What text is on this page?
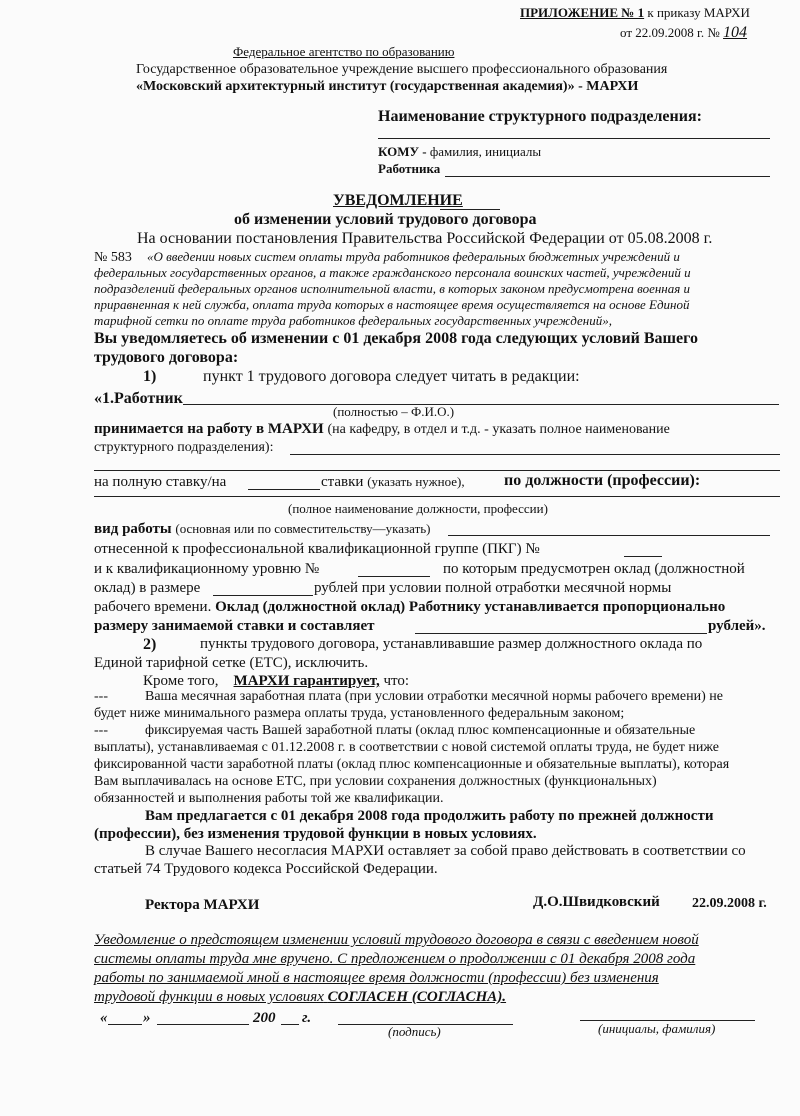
ПРИЛОЖЕНИЕ № 1 к приказу МАРХИ
от 22.09.2008 г. № 104
Федеральное агентство по образованию
Государственное образовательное учреждение высшего профессионального образования
«Московский архитектурный институт (государственная академия)» - МАРХИ
Наименование структурного подразделения:
КОМУ - фамилия, инициалы
Работника
УВЕДОМЛЕНИЕ
об изменении условий трудового договора
На основании постановления Правительства Российской Федерации от 05.08.2008 г.
№ 583 «О введении новых систем оплаты труда работников федеральных бюджетных учреждений и
федеральных государственных органов, а также гражданского персонала воинских частей, учреждений и
подразделений федеральных органов исполнительной власти, в которых законом предусмотрена военная и
приравненная к ней служба, оплата труда которых в настоящее время осуществляется на основе Единой
тарифной сетки по оплате труда работников федеральных государственных учреждений»,
Вы уведомляетесь об изменении с 01 декабря 2008 года следующих условий Вашего
трудового договора:
1)	пункт 1 трудового договора следует читать в редакции:
«1.Работник
(полностью – Ф.И.О.)
принимается на работу в МАРХИ (на кафедру, в отдел и т.д. - указать полное наименование
структурного подразделения):
на полную ставку/на	ставки (указать нужное), по должности (профессии):
(полное наименование должности, профессии)
вид работы (основная или по совместительству—указать)
отнесенной к профессиональной квалификационной группе (ПКГ) №
и к квалификационному уровню №	по которым предусмотрен оклад (должностной
оклад) в размере	рублей при условии полной отработки месячной нормы
рабочего времени. Оклад (должностной оклад) Работнику устанавливается пропорционально
размеру занимаемой ставки и составляет	рублей».
2)	пункты трудового договора, устанавливавшие размер должностного оклада по
Единой тарифной сетке (ЕТС), исключить.
Кроме того, МАРХИ гарантирует, что:
---	Ваша месячная заработная плата (при условии отработки месячной нормы рабочего времени) не
будет ниже минимального размера оплаты труда, установленного федеральным законом;
---	фиксируемая часть Вашей заработной платы (оклад плюс компенсационные и обязательные
выплаты), устанавливаемая с 01.12.2008 г. в соответствии с новой системой оплаты труда, не будет ниже
фиксированной части заработной платы (оклад плюс компенсационные и обязательные выплаты), которая
Вам выплачивалась на основе ЕТС, при условии сохранения должностных (функциональных)
обязанностей и выполнения работы той же квалификации.
Вам предлагается с 01 декабря 2008 года продолжить работу по прежней должности
(профессии), без изменения трудовой функции в новых условиях.
В случае Вашего несогласия МАРХИ оставляет за собой право действовать в соответствии со
статьей 74 Трудового кодекса Российской Федерации.
Ректора МАРХИ	Д.О.Швидковский 22.09.2008 г.
Уведомление о предстоящем изменении условий трудового договора в связи с введением новой
системы оплаты труда мне вручено. С предложением о продолжении с 01 декабря 2008 года
работы по занимаемой мной в настоящее время должности (профессии) без изменения
трудовой функции в новых условиях СОГЛАСЕН (СОГЛАСНА).
« »	200 г.
(подпись)	(инициалы, фамилия)
